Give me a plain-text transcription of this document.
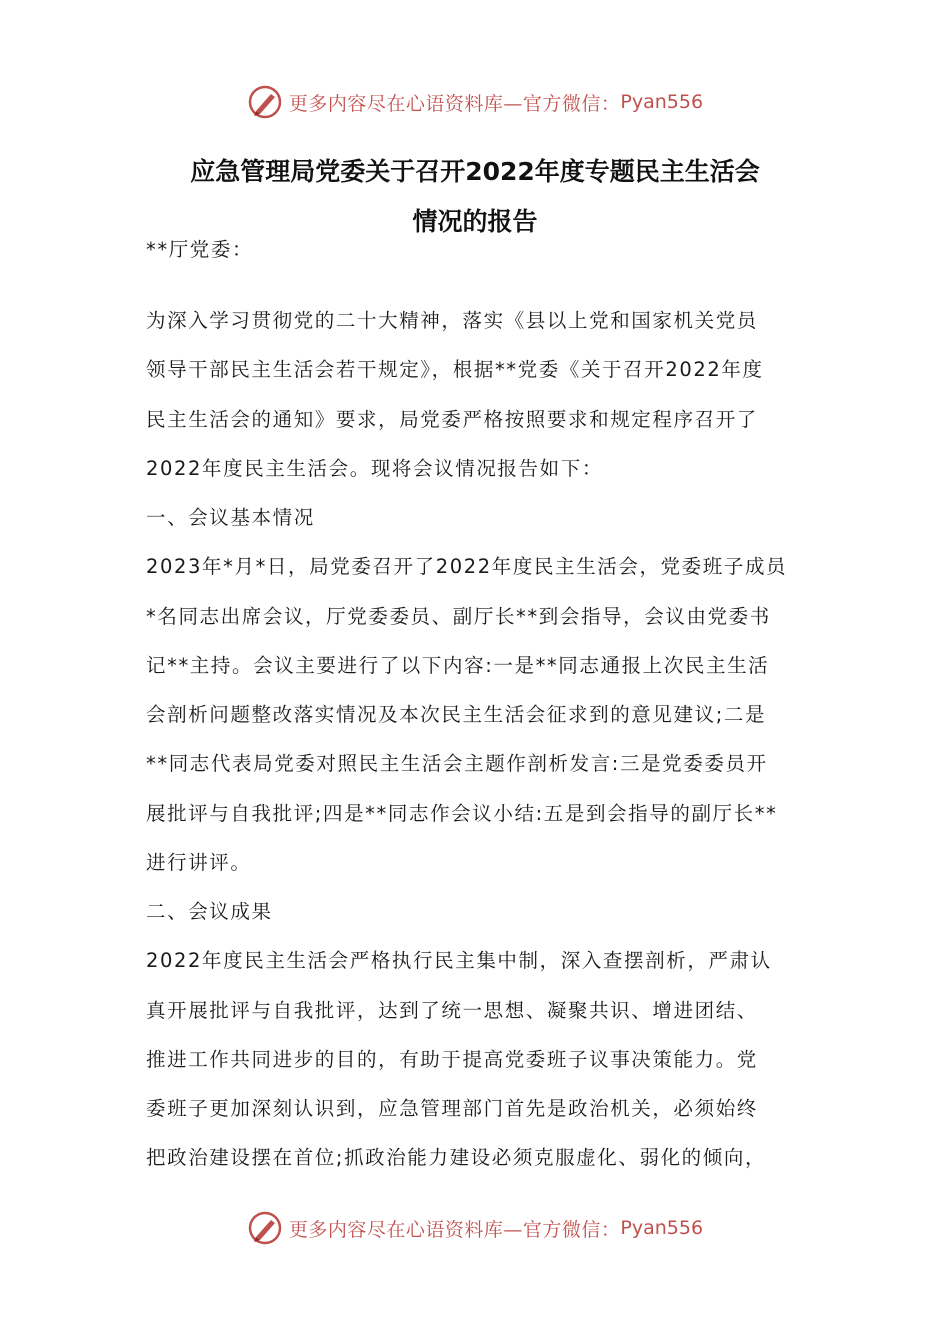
更多内容尽在心语资料库—官方微信： Pyan556
应急管理局党委关于召开2022年度专题民主生活会
情况的报告
**厅党委：
为深入学习贯彻党的二十大精神，落实《县以上党和国家机关党员
领导干部民主生活会若干规定》，根据**党委《关于召开2022年度
民主生活会的通知》要求，局党委严格按照要求和规定程序召开了
2022年度民主生活会。现将会议情况报告如下：
一、会议基本情况
2023年*月*日，局党委召开了2022年度民主生活会，党委班子成员
*名同志出席会议，厅党委委员、副厅长**到会指导，会议由党委书
记**主持。会议主要进行了以下内容:一是**同志通报上次民主生活
会剖析问题整改落实情况及本次民主生活会征求到的意见建议;二是
**同志代表局党委对照民主生活会主题作剖析发言:三是党委委员开
展批评与自我批评;四是**同志作会议小结:五是到会指导的副厅长**
进行讲评。
二、会议成果
2022年度民主生活会严格执行民主集中制，深入查摆剖析，严肃认
真开展批评与自我批评，达到了统一思想、凝聚共识、增进团结、
推进工作共同进步的目的，有助于提高党委班子议事决策能力。党
委班子更加深刻认识到，应急管理部门首先是政治机关，必须始终
把政治建设摆在首位;抓政治能力建设必须克服虚化、弱化的倾向，
更多内容尽在心语资料库—官方微信： Pyan556
